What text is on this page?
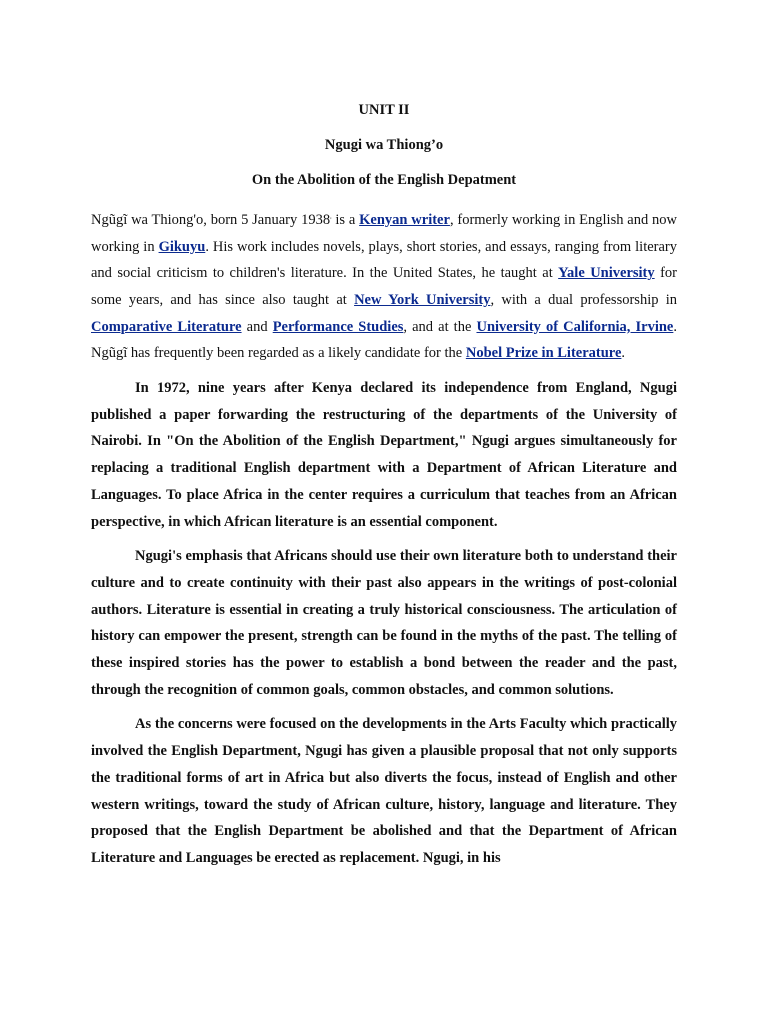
UNIT II

Ngugi wa Thiong’o

On the Abolition of the English Depatment

Ngũgĩ wa Thiong'o, born 5 January 1938, is a Kenyan writer, formerly working in English and now working in Gikuyu. His work includes novels, plays, short stories, and essays, ranging from literary and social criticism to children's literature. In the United States, he taught at Yale University for some years, and has since also taught at New York University, with a dual professorship in Comparative Literature and Performance Studies, and at the University of California, Irvine. Ngũgĩ has frequently been regarded as a likely candidate for the Nobel Prize in Literature.

In 1972, nine years after Kenya declared its independence from England, Ngugi published a paper forwarding the restructuring of the departments of the University of Nairobi. In "On the Abolition of the English Department," Ngugi argues simultaneously for replacing a traditional English department with a Department of African Literature and Languages. To place Africa in the center requires a curriculum that teaches from an African perspective, in which African literature is an essential component.

Ngugi's emphasis that Africans should use their own literature both to understand their culture and to create continuity with their past also appears in the writings of post-colonial authors. Literature is essential in creating a truly historical consciousness. The articulation of history can empower the present, strength can be found in the myths of the past. The telling of these inspired stories has the power to establish a bond between the reader and the past, through the recognition of common goals, common obstacles, and common solutions.

As the concerns were focused on the developments in the Arts Faculty which practically involved the English Department, Ngugi has given a plausible proposal that not only supports the traditional forms of art in Africa but also diverts the focus, instead of English and other western writings, toward the study of African culture, history, language and literature. They proposed that the English Department be abolished and that the Department of African Literature and Languages be erected as replacement. Ngugi, in his
